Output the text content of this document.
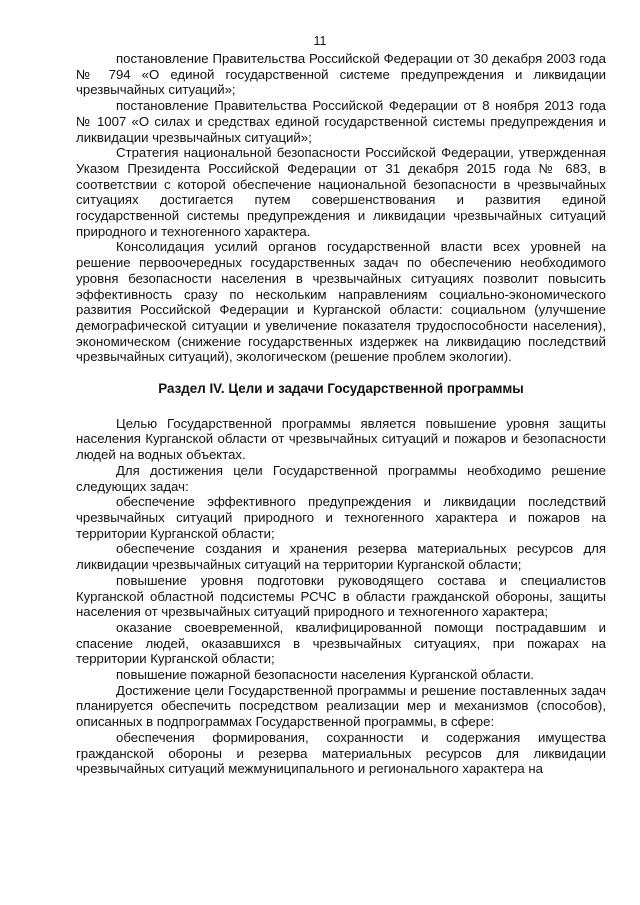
11

постановление Правительства Российской Федерации от 30 декабря 2003 года № 794 «О единой государственной системе предупреждения и ликвидации чрезвычайных ситуаций»;

постановление Правительства Российской Федерации от 8 ноября 2013 года № 1007 «О силах и средствах единой государственной системы предупреждения и ликвидации чрезвычайных ситуаций»;

Стратегия национальной безопасности Российской Федерации, утвержденная Указом Президента Российской Федерации от 31 декабря 2015 года № 683, в соответствии с которой обеспечение национальной безопасности в чрезвычайных ситуациях достигается путем совершенствования и развития единой государственной системы предупреждения и ликвидации чрезвычайных ситуаций природного и техногенного характера.

Консолидация усилий органов государственной власти всех уровней на решение первоочередных государственных задач по обеспечению необходимого уровня безопасности населения в чрезвычайных ситуациях позволит повысить эффективность сразу по нескольким направлениям социально-экономического развития Российской Федерации и Курганской области: социальном (улучшение демографической ситуации и увеличение показателя трудоспособности населения), экономическом (снижение государственных издержек на ликвидацию последствий чрезвычайных ситуаций), экологическом (решение проблем экологии).

Раздел IV. Цели и задачи Государственной программы

Целью Государственной программы является повышение уровня защиты населения Курганской области от чрезвычайных ситуаций и пожаров и безопасности людей на водных объектах.

Для достижения цели Государственной программы необходимо решение следующих задач:

обеспечение эффективного предупреждения и ликвидации последствий чрезвычайных ситуаций природного и техногенного характера и пожаров на территории Курганской области;

обеспечение создания и хранения резерва материальных ресурсов для ликвидации чрезвычайных ситуаций на территории Курганской области;

повышение уровня подготовки руководящего состава и специалистов Курганской областной подсистемы РСЧС в области гражданской обороны, защиты населения от чрезвычайных ситуаций природного и техногенного характера;

оказание своевременной, квалифицированной помощи пострадавшим и спасение людей, оказавшихся в чрезвычайных ситуациях, при пожарах на территории Курганской области;

повышение пожарной безопасности населения Курганской области.

Достижение цели Государственной программы и решение поставленных задач планируется обеспечить посредством реализации мер и механизмов (способов), описанных в подпрограммах Государственной программы, в сфере:

обеспечения формирования, сохранности и содержания имущества гражданской обороны и резерва материальных ресурсов для ликвидации чрезвычайных ситуаций межмуниципального и регионального характера на
